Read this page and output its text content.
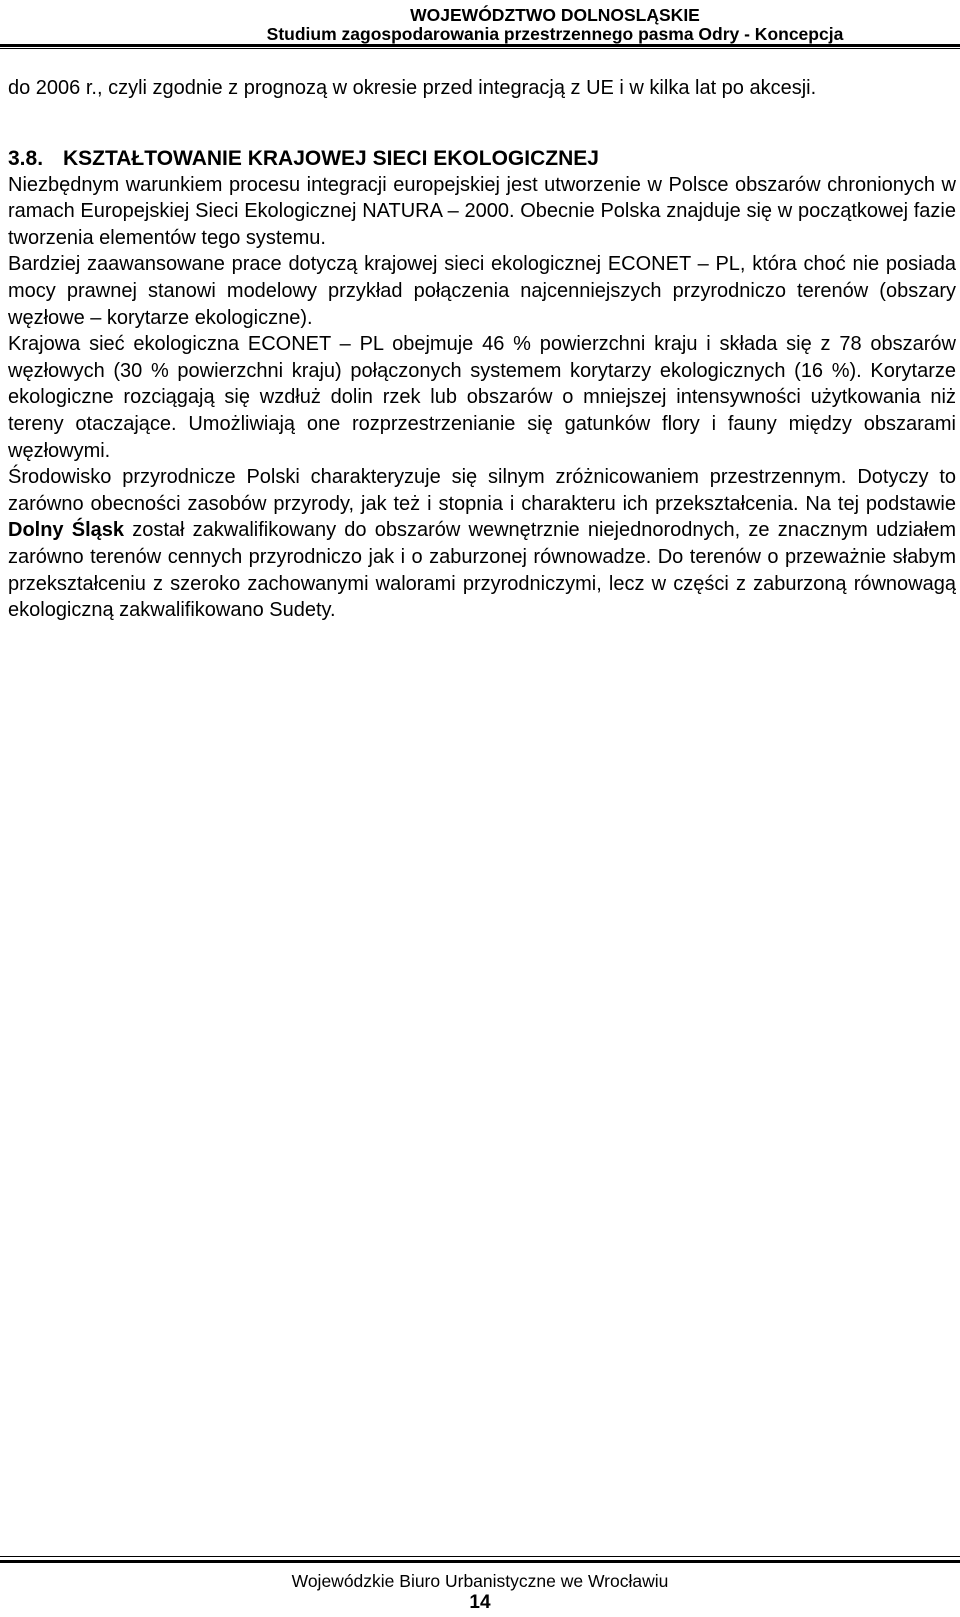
WOJEWÓDZTWO DOLNOSLĄSKIE
Studium zagospodarowania przestrzennego pasma Odry - Koncepcja

do 2006 r., czyli zgodnie z prognozą w okresie przed integracją z UE i w kilka lat po akcesji.

3.8. KSZTAŁTOWANIE KRAJOWEJ SIECI EKOLOGICZNEJ

Niezbędnym warunkiem procesu integracji europejskiej jest utworzenie w Polsce obszarów chronionych w ramach Europejskiej Sieci Ekologicznej NATURA – 2000. Obecnie Polska znajduje się w początkowej fazie tworzenia elementów tego systemu.

Bardziej zaawansowane prace dotyczą krajowej sieci ekologicznej ECONET – PL, która choć nie posiada mocy prawnej stanowi modelowy przykład połączenia najcenniejszych przyrodniczo terenów (obszary węzłowe – korytarze ekologiczne).

Krajowa sieć ekologiczna ECONET – PL obejmuje 46 % powierzchni kraju i składa się z 78 obszarów węzłowych (30 % powierzchni kraju) połączonych systemem korytarzy ekologicznych (16 %). Korytarze ekologiczne rozciągają się wzdłuż dolin rzek lub obszarów o mniejszej intensywności użytkowania niż tereny otaczające. Umożliwiają one rozprzestrzenianie się gatunków flory i fauny między obszarami węzłowymi.

Środowisko przyrodnicze Polski charakteryzuje się silnym zróżnicowaniem przestrzennym. Dotyczy to zarówno obecności zasobów przyrody, jak też i stopnia i charakteru ich przekształcenia. Na tej podstawie Dolny Śląsk został zakwalifikowany do obszarów wewnętrznie niejednorodnych, ze znacznym udziałem zarówno terenów cennych przyrodniczo jak i o zaburzonej równowadze. Do terenów o przeważnie słabym przekształceniu z szeroko zachowanymi walorami przyrodniczymi, lecz w części z zaburzoną równowagą ekologiczną zakwalifikowano Sudety.

Wojewódzkie Biuro Urbanistyczne we Wrocławiu
14
